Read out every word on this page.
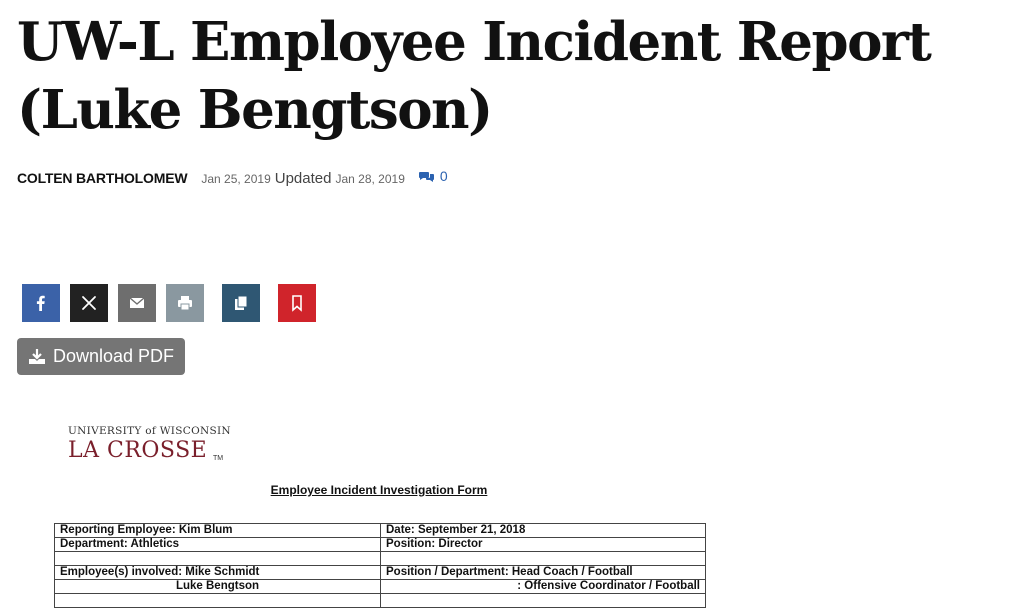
UW-L Employee Incident Report (Luke Bengtson)
COLTEN BARTHOLOMEW Jan 25, 2019 Updated Jan 28, 2019	0
Download PDF
UNIVERSITY of WISCONSIN
LA CROSSE TM
Employee Incident Investigation Form
Reporting Employee: Kim Blum	Date: September 21, 2018
Department: Athletics	Position: Director

Employee(s) involved: Mike Schmidt	Position / Department: Head Coach / Football
Luke Bengtson	: Offensive Coordinator / Football
